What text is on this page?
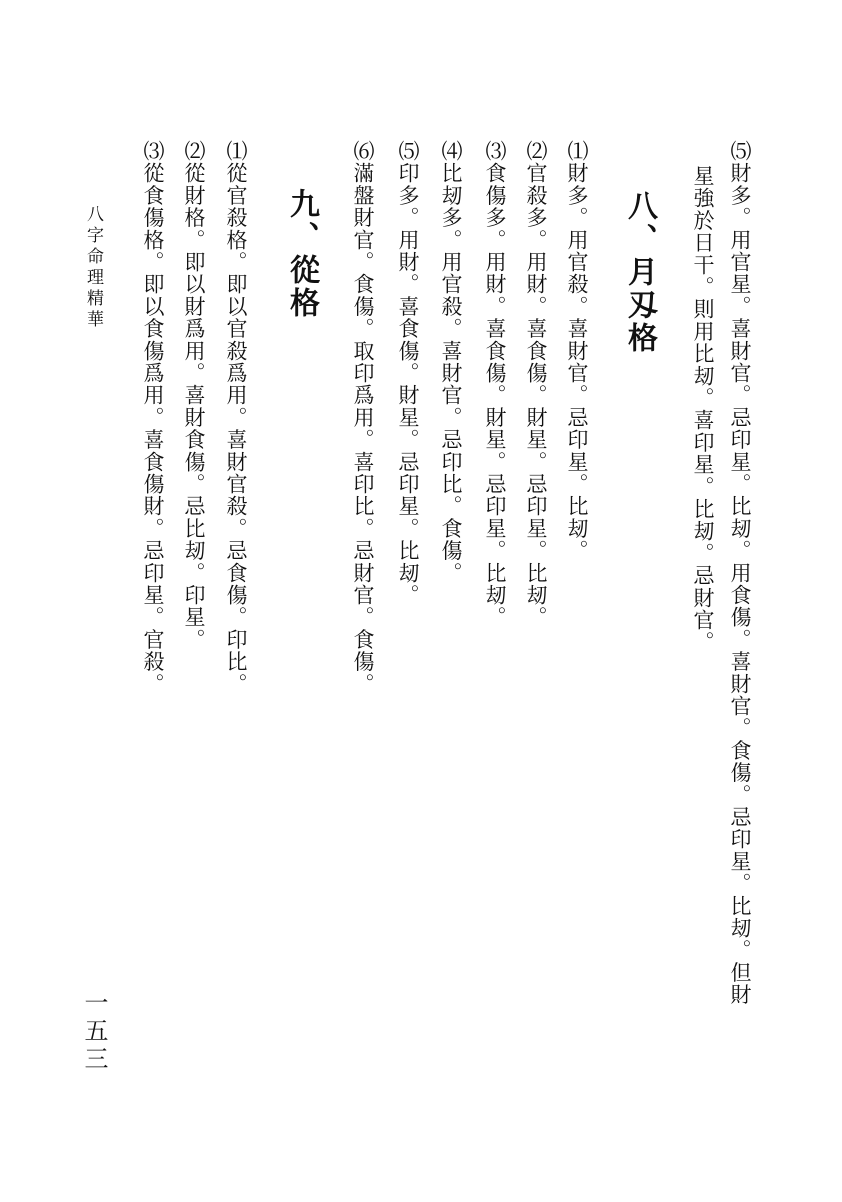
⑸財多。用官星。喜財官。忌印星。比刼。用食傷。喜財官。食傷。忌印星。比刼。但財

星強於日干。則用比刼。喜印星。比刼。忌財官。

八、月刄格

⑴財多。用官殺。喜財官。忌印星。比刼。

⑵官殺多。用財。喜食傷。財星。忌印星。比刼。

⑶食傷多。用財。喜食傷。財星。忌印星。比刼。

⑷比刼多。用官殺。喜財官。忌印比。食傷。

⑸印多。用財。喜食傷。財星。忌印星。比刼。

⑹滿盤財官。食傷。取印爲用。喜印比。忌財官。食傷。

九、從格

⑴從官殺格。即以官殺爲用。喜財官殺。忌食傷。印比。

⑵從財格。即以財爲用。喜財食傷。忌比刼。印星。

⑶從食傷格。即以食傷爲用。喜食傷財。忌印星。官殺。

八字命理精華
一五三
